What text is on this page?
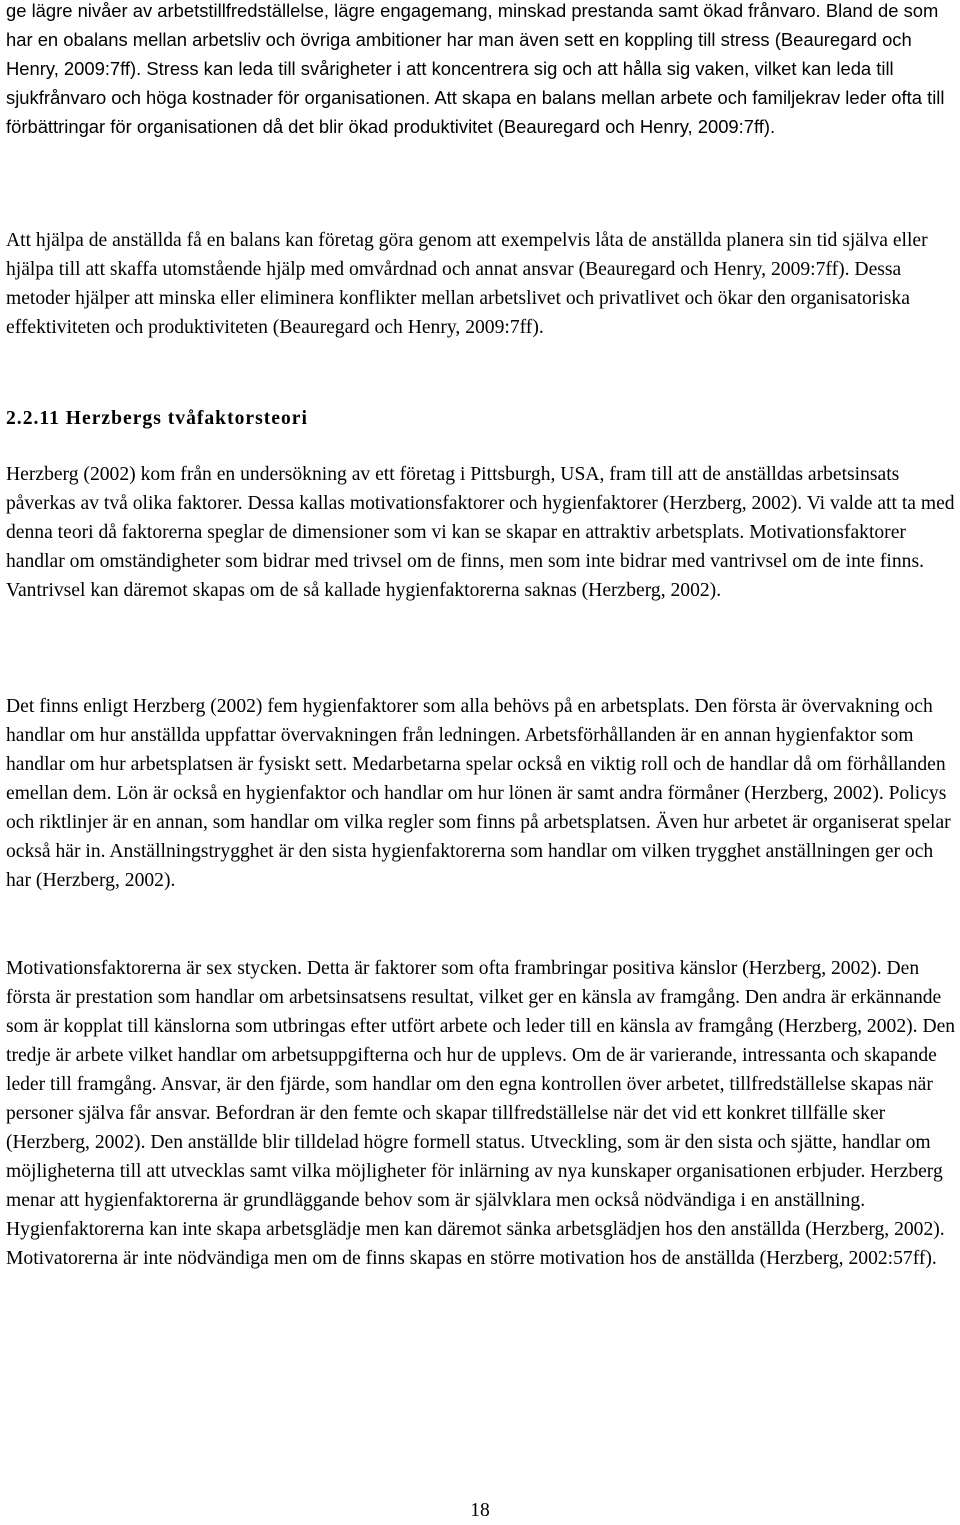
ge lägre nivåer av arbetstillfredställelse, lägre engagemang, minskad prestanda samt ökad frånvaro. Bland de som har en obalans mellan arbetsliv och övriga ambitioner har man även sett en koppling till stress (Beauregard och Henry, 2009:7ff). Stress kan leda till svårigheter i att koncentrera sig och att hålla sig vaken, vilket kan leda till sjukfrånvaro och höga kostnader för organisationen. Att skapa en balans mellan arbete och familjekrav leder ofta till förbättringar för organisationen då det blir ökad produktivitet (Beauregard och Henry, 2009:7ff).

Att hjälpa de anställda få en balans kan företag göra genom att exempelvis låta de anställda planera sin tid själva eller hjälpa till att skaffa utomstående hjälp med omvårdnad och annat ansvar (Beauregard och Henry, 2009:7ff). Dessa metoder hjälper att minska eller eliminera konflikter mellan arbetslivet och privatlivet och ökar den organisatoriska effektiviteten och produktiviteten (Beauregard och Henry, 2009:7ff).

2.2.11 Herzbergs tvåfaktorsteori

Herzberg (2002) kom från en undersökning av ett företag i Pittsburgh, USA, fram till att de anställdas arbetsinsats påverkas av två olika faktorer. Dessa kallas motivationsfaktorer och hygienfaktorer (Herzberg, 2002). Vi valde att ta med denna teori då faktorerna speglar de dimensioner som vi kan se skapar en attraktiv arbetsplats. Motivationsfaktorer handlar om omständigheter som bidrar med trivsel om de finns, men som inte bidrar med vantrivsel om de inte finns. Vantrivsel kan däremot skapas om de så kallade hygienfaktorerna saknas (Herzberg, 2002).

Det finns enligt Herzberg (2002) fem hygienfaktorer som alla behövs på en arbetsplats. Den första är övervakning och handlar om hur anställda uppfattar övervakningen från ledningen. Arbetsförhållanden är en annan hygienfaktor som handlar om hur arbetsplatsen är fysiskt sett. Medarbetarna spelar också en viktig roll och de handlar då om förhållanden emellan dem. Lön är också en hygienfaktor och handlar om hur lönen är samt andra förmåner (Herzberg, 2002). Policys och riktlinjer är en annan, som handlar om vilka regler som finns på arbetsplatsen. Även hur arbetet är organiserat spelar också här in. Anställningstrygghet är den sista hygienfaktorerna som handlar om vilken trygghet anställningen ger och har (Herzberg, 2002).

Motivationsfaktorerna är sex stycken. Detta är faktorer som ofta frambringar positiva känslor (Herzberg, 2002). Den första är prestation som handlar om arbetsinsatsens resultat, vilket ger en känsla av framgång. Den andra är erkännande som är kopplat till känslorna som utbringas efter utfört arbete och leder till en känsla av framgång (Herzberg, 2002). Den tredje är arbete vilket handlar om arbetsuppgifterna och hur de upplevs. Om de är varierande, intressanta och skapande leder till framgång. Ansvar, är den fjärde, som handlar om den egna kontrollen över arbetet, tillfredställelse skapas när personer själva får ansvar. Befordran är den femte och skapar tillfredställelse när det vid ett konkret tillfälle sker (Herzberg, 2002). Den anställde blir tilldelad högre formell status. Utveckling, som är den sista och sjätte, handlar om möjligheterna till att utvecklas samt vilka möjligheter för inlärning av nya kunskaper organisationen erbjuder. Herzberg menar att hygienfaktorerna är grundläggande behov som är självklara men också nödvändiga i en anställning. Hygienfaktorerna kan inte skapa arbetsglädje men kan däremot sänka arbetsglädjen hos den anställda (Herzberg, 2002). Motivatorerna är inte nödvändiga men om de finns skapas en större motivation hos de anställda (Herzberg, 2002:57ff).

18
